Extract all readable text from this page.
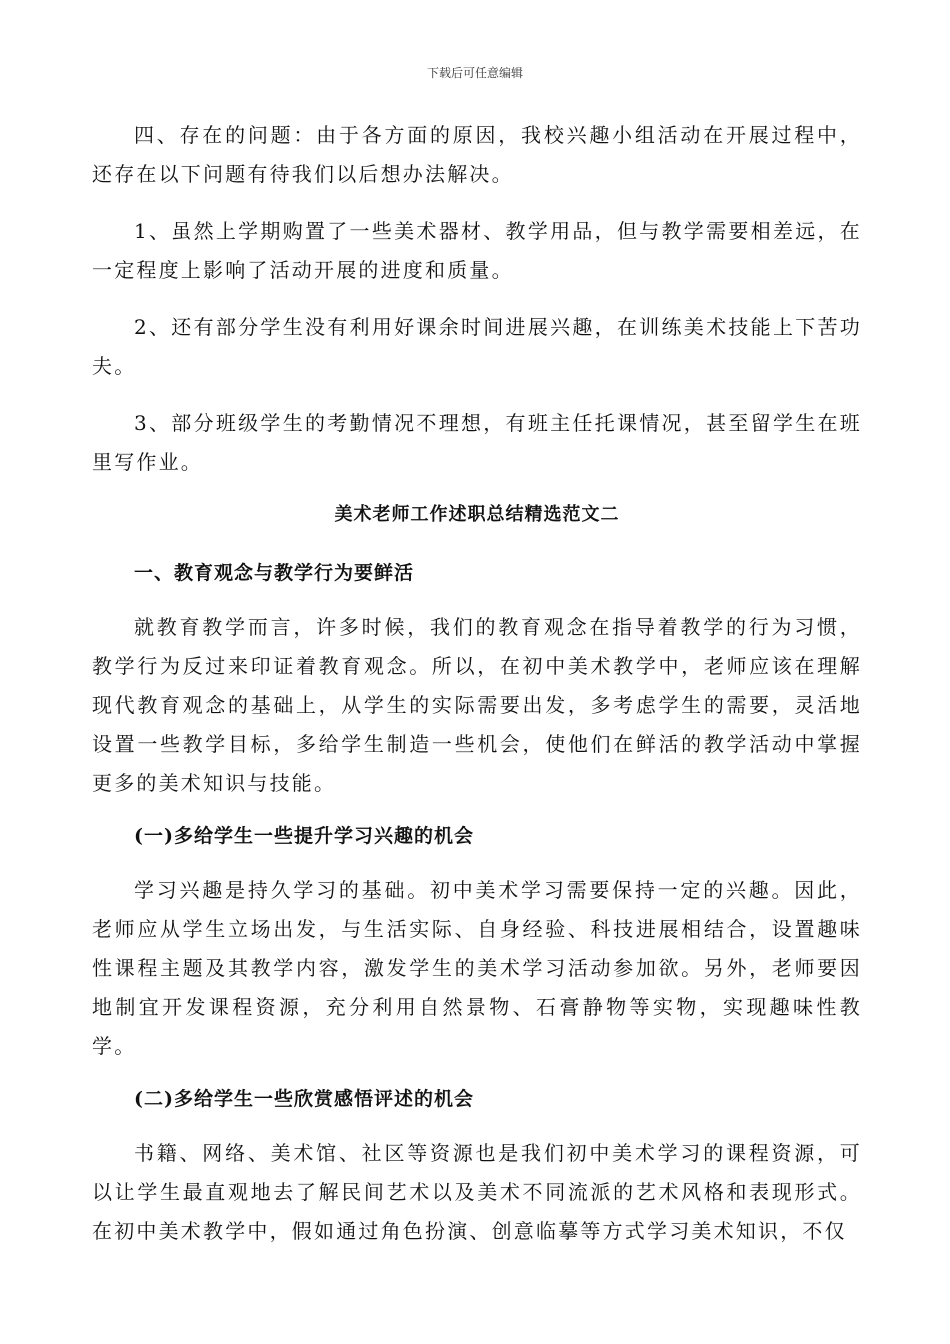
下载后可任意编辑

四、存在的问题：由于各方面的原因，我校兴趣小组活动在开展过程中，还存在以下问题有待我们以后想办法解决。

1、虽然上学期购置了一些美术器材、教学用品，但与教学需要相差远，在一定程度上影响了活动开展的进度和质量。

2、还有部分学生没有利用好课余时间进展兴趣，在训练美术技能上下苦功夫。

3、部分班级学生的考勤情况不理想，有班主任托课情况，甚至留学生在班里写作业。

美术老师工作述职总结精选范文二
一、教育观念与教学行为要鲜活

就教育教学而言，许多时候，我们的教育观念在指导着教学的行为习惯，教学行为反过来印证着教育观念。所以，在初中美术教学中，老师应该在理解现代教育观念的基础上，从学生的实际需要出发，多考虑学生的需要，灵活地设置一些教学目标，多给学生制造一些机会，使他们在鲜活的教学活动中掌握更多的美术知识与技能。

(一)多给学生一些提升学习兴趣的机会

学习兴趣是持久学习的基础。初中美术学习需要保持一定的兴趣。因此，老师应从学生立场出发，与生活实际、自身经验、科技进展相结合，设置趣味性课程主题及其教学内容，激发学生的美术学习活动参加欲。另外，老师要因地制宜开发课程资源，充分利用自然景物、石膏静物等实物，实现趣味性教学。

(二)多给学生一些欣赏感悟评述的机会

书籍、网络、美术馆、社区等资源也是我们初中美术学习的课程资源，可以让学生最直观地去了解民间艺术以及美术不同流派的艺术风格和表现形式。在初中美术教学中，假如通过角色扮演、创意临摹等方式学习美术知识，不仅
